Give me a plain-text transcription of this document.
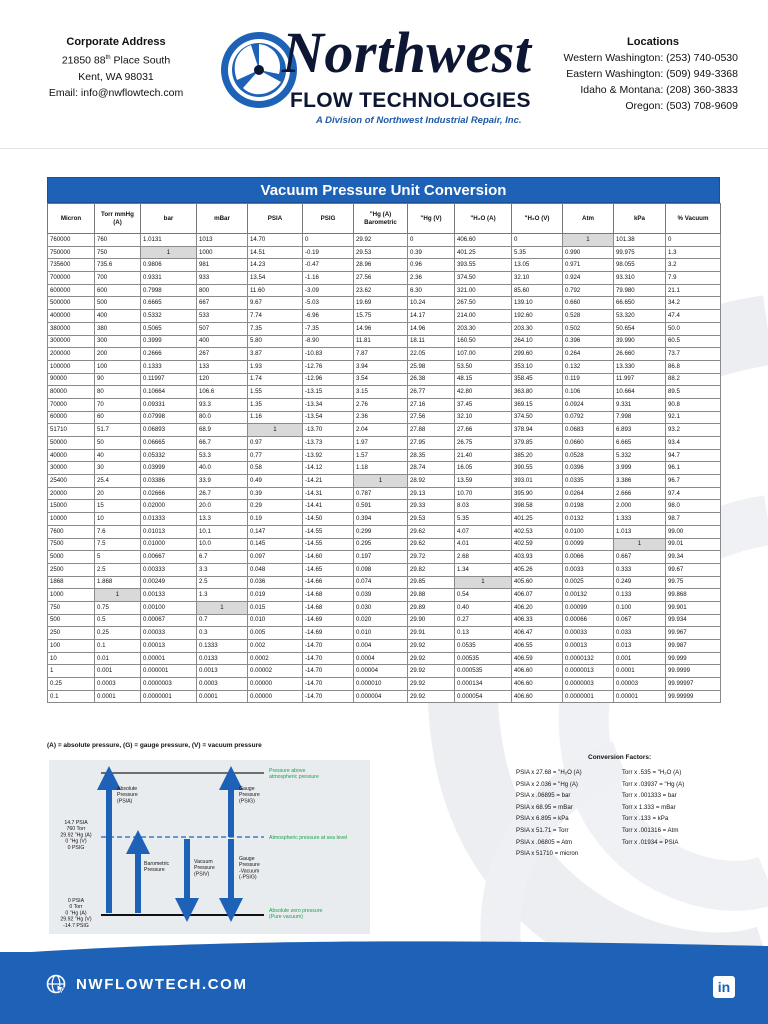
Corporate Address
21850 88th Place South
Kent, WA 98031
Email: info@nwflowtech.com
Northwest
FLOW TECHNOLOGIES
A Division of Northwest Industrial Repair, Inc.
Locations
Western Washington: (253) 740-0530
Eastern Washington: (509) 949-3368
Idaho & Montana: (208) 360-3833
Oregon: (503) 708-9609
Vacuum Pressure Unit Conversion
Micron	Torr mmHg (A)	bar	mBar	PSIA	PSIG	"Hg (A) Barometric	"Hg (V)	"H₂O (A)	"H₂O (V)	Atm	kPa	% Vacuum
760000	760	1.0131	1013	14.70	0	29.92	0	406.60	0	1	101.38	0
750000	750	1	1000	14.51	-0.19	29.53	0.39	401.25	5.35	0.990	99.975	1.3
735600	735.6	0.9806	981	14.23	-0.47	28.96	0.96	393.55	13.05	0.971	98.055	3.2
700000	700	0.9331	933	13.54	-1.16	27.56	2.36	374.50	32.10	0.924	93.310	7.9
600000	600	0.7998	800	11.60	-3.09	23.62	6.30	321.00	85.60	0.792	79.980	21.1
500000	500	0.6665	667	9.67	-5.03	19.69	10.24	267.50	139.10	0.660	66.650	34.2
400000	400	0.5332	533	7.74	-6.96	15.75	14.17	214.00	192.60	0.528	53.320	47.4
380000	380	0.5065	507	7.35	-7.35	14.96	14.96	203.30	203.30	0.502	50.654	50.0
300000	300	0.3999	400	5.80	-8.90	11.81	18.11	160.50	264.10	0.396	39.990	60.5
200000	200	0.2666	267	3.87	-10.83	7.87	22.05	107.00	299.60	0.264	26.660	73.7
100000	100	0.1333	133	1.93	-12.76	3.94	25.98	53.50	353.10	0.132	13.330	86.8
90000	90	0.11997	120	1.74	-12.96	3.54	26.38	48.15	358.45	0.119	11.997	88.2
80000	80	0.10664	106.6	1.55	-13.15	3.15	26.77	42.80	363.80	0.106	10.664	89.5
70000	70	0.09331	93.3	1.35	-13.34	2.76	27.16	37.45	369.15	0.0924	9.331	90.8
60000	60	0.07998	80.0	1.16	-13.54	2.36	27.56	32.10	374.50	0.0792	7.998	92.1
51710	51.7	0.06893	68.9	1	-13.70	2.04	27.88	27.66	378.94	0.0683	6.893	93.2
50000	50	0.06665	66.7	0.97	-13.73	1.97	27.95	26.75	379.85	0.0660	6.665	93.4
40000	40	0.05332	53.3	0.77	-13.92	1.57	28.35	21.40	385.20	0.0528	5.332	94.7
30000	30	0.03999	40.0	0.58	-14.12	1.18	28.74	16.05	390.55	0.0396	3.999	96.1
25400	25.4	0.03386	33.9	0.49	-14.21	1	28.92	13.59	393.01	0.0335	3.386	96.7
20000	20	0.02666	26.7	0.39	-14.31	0.787	29.13	10.70	395.90	0.0264	2.666	97.4
15000	15	0.02000	20.0	0.29	-14.41	0.591	29.33	8.03	398.58	0.0198	2.000	98.0
10000	10	0.01333	13.3	0.19	-14.50	0.394	29.53	5.35	401.25	0.0132	1.333	98.7
7600	7.6	0.01013	10.1	0.147	-14.55	0.299	29.62	4.07	402.53	0.0100	1.013	99.00
7500	7.5	0.01000	10.0	0.145	-14.55	0.295	29.62	4.01	402.59	0.0099	1	99.01
5000	5	0.00667	6.7	0.097	-14.60	0.197	29.72	2.68	403.93	0.0066	0.667	99.34
2500	2.5	0.00333	3.3	0.048	-14.65	0.098	29.82	1.34	405.26	0.0033	0.333	99.67
1868	1.868	0.00249	2.5	0.036	-14.66	0.074	29.85	1	405.60	0.0025	0.249	99.75
1000	1	0.00133	1.3	0.019	-14.68	0.039	29.88	0.54	406.07	0.00132	0.133	99.868
750	0.75	0.00100	1	0.015	-14.68	0.030	29.89	0.40	406.20	0.00099	0.100	99.901
500	0.5	0.00067	0.7	0.010	-14.69	0.020	29.90	0.27	406.33	0.00066	0.067	99.934
250	0.25	0.00033	0.3	0.005	-14.69	0.010	29.91	0.13	406.47	0.00033	0.033	99.967
100	0.1	0.00013	0.1333	0.002	-14.70	0.004	29.92	0.0535	406.55	0.00013	0.013	99.987
10	0.01	0.00001	0.0133	0.0002	-14.70	0.0004	29.92	0.00535	406.59	0.0000132	0.001	99.999
1	0.001	0.000001	0.0013	0.00002	-14.70	0.00004	29.92	0.000535	406.60	0.0000013	0.0001	99.9999
0.25	0.0003	0.0000003	0.0003	0.00000	-14.70	0.000010	29.92	0.000134	406.60	0.0000003	0.00003	99.99997
0.1	0.0001	0.0000001	0.0001	0.00000	-14.70	0.000004	29.92	0.000054	406.60	0.0000001	0.00001	99.99999
(A) = absolute pressure, (G) = gauge pressure, (V) = vacuum pressure
14.7 PSIA
760 Torr
29.92 "Hg (A)
0 "Hg (V)
0 PSIG
0 PSIA
0 Torr
0 "Hg (A)
29.92 "Hg (V)
-14.7 PSIG
Absolute
Pressure
(PSIA)
Barometric
Pressure
Vacuum
Pressure
(PSIV)
Gauge
Pressure
(PSIG)
Gauge
Pressure
-Vacuum
(-PSIG)
Pressure above
atmospheric pressure
Absolute zero pressure
(Pure vacuum)
Atmospheric pressure at sea level
Conversion Factors:
PSIA x 27.68 = "H₂O (A)
PSIA x 2.036 = "Hg (A)
PSIA x .06895 = bar
PSIA x 68.95 = mBar
PSIA x 6.895 = kPa
PSIA x 51.71 = Torr
PSIA x .06805 = Atm
PSIA x 51710 = micron
Torr x .535 = "H₂O (A)
Torr x .03937 = "Hg (A)
Torr x .001333 = bar
Torr x 1.333 = mBar
Torr x .133 = kPa
Torr x .001316 = Atm
Torr x .01934 = PSIA
NWFLOWTECH.COM	in
